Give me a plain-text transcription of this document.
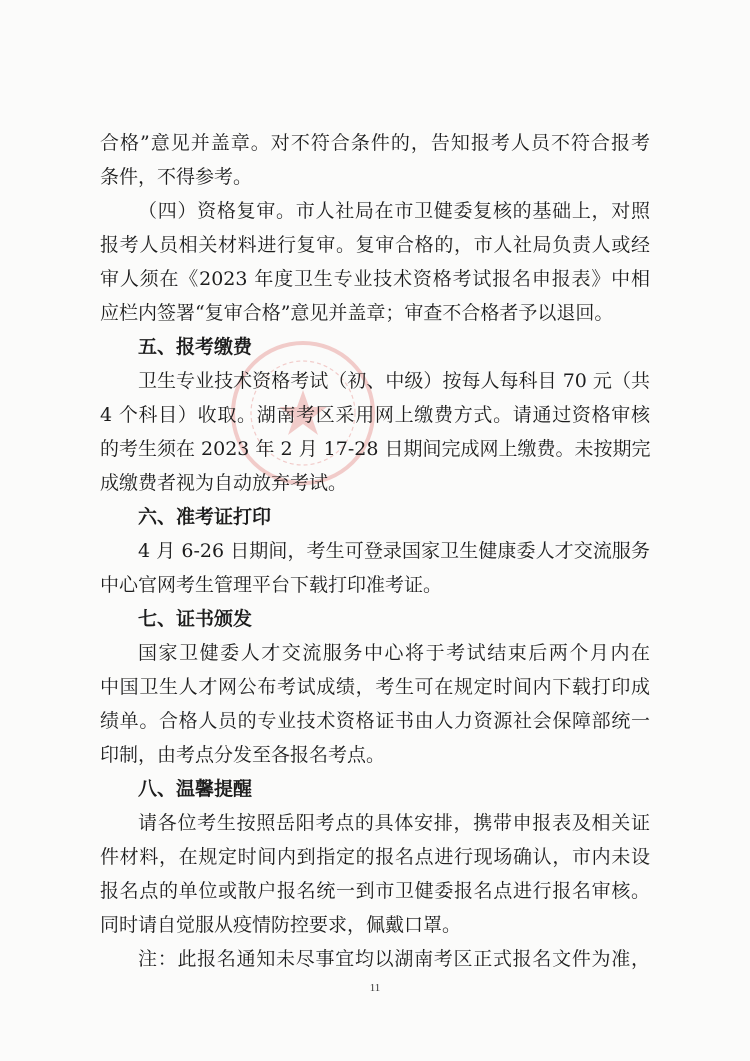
合格”意见并盖章。对不符合条件的，告知报考人员不符合报考
条件，不得参考。
（四）资格复审。市人社局在市卫健委复核的基础上，对照
报考人员相关材料进行复审。复审合格的，市人社局负责人或经
审人须在《2023 年度卫生专业技术资格考试报名申报表》中相
应栏内签署“复审合格”意见并盖章；审查不合格者予以退回。
五、报考缴费
卫生专业技术资格考试（初、中级）按每人每科目 70 元（共
4 个科目）收取。湖南考区采用网上缴费方式。请通过资格审核
的考生须在 2023 年 2 月 17-28 日期间完成网上缴费。未按期完
成缴费者视为自动放弃考试。
六、准考证打印
4 月 6-26 日期间，考生可登录国家卫生健康委人才交流服务
中心官网考生管理平台下载打印准考证。
七、证书颁发
国家卫健委人才交流服务中心将于考试结束后两个月内在
中国卫生人才网公布考试成绩，考生可在规定时间内下载打印成
绩单。合格人员的专业技术资格证书由人力资源社会保障部统一
印制，由考点分发至各报名考点。
八、温馨提醒
请各位考生按照岳阳考点的具体安排，携带申报表及相关证
件材料，在规定时间内到指定的报名点进行现场确认，市内未设
报名点的单位或散户报名统一到市卫健委报名点进行报名审核。
同时请自觉服从疫情防控要求，佩戴口罩。
注：此报名通知未尽事宜均以湖南考区正式报名文件为准，
11
